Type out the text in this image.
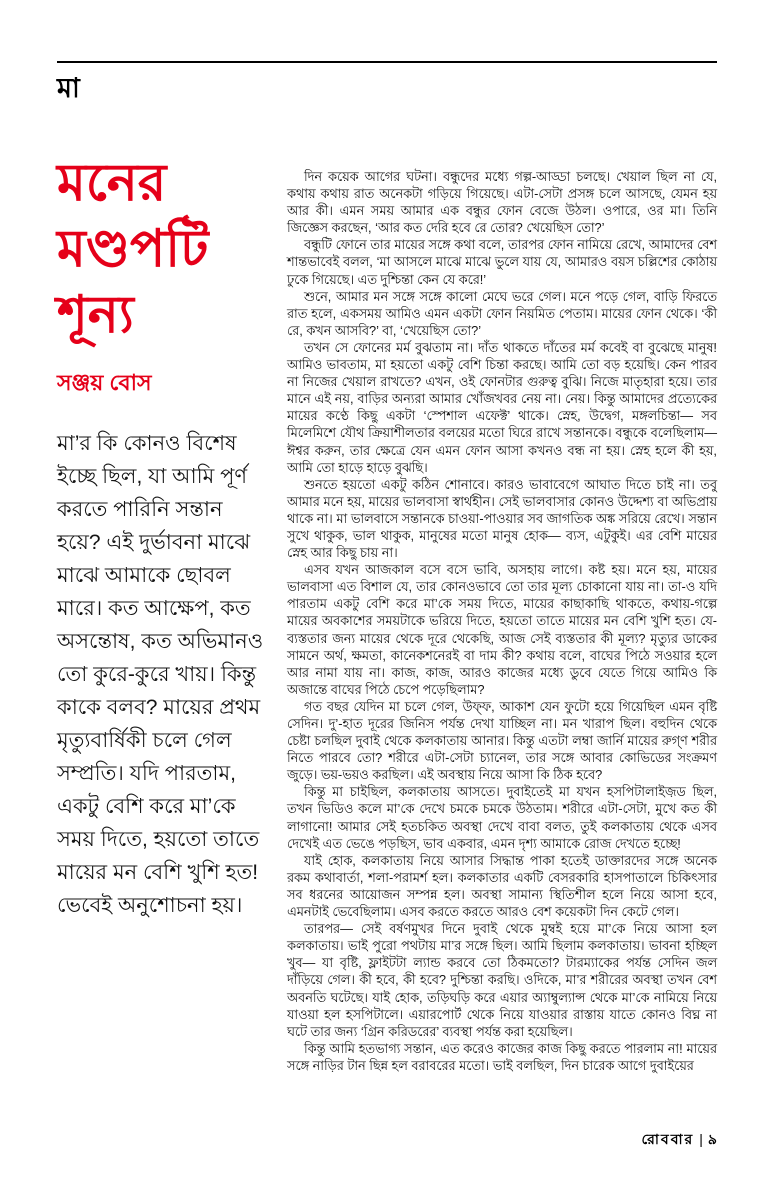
মা
মনের
মণ্ডপটি
শূন্য
সঞ্জয় বোস
মা’র কি কোনও বিশেষ ইচ্ছে ছিল, যা আমি পূর্ণ করতে পারিনি সন্তান হয়ে? এই দুর্ভাবনা মাঝে মাঝে আমাকে ছোবল মারে। কত আক্ষেপ, কত অসন্তোষ, কত অভিমানও তো কুরে-কুরে খায়। কিন্তু কাকে বলব? মায়ের প্রথম মৃত্যুবার্ষিকী চলে গেল সম্প্রতি। যদি পারতাম, একটু বেশি করে মা’কে সময় দিতে, হয়তো তাতে মায়ের মন বেশি খুশি হত! ভেবেই অনুশোচনা হয়।

দিন কয়েক আগের ঘটনা। বন্ধুদের মধ্যে গল্প-আড্ডা চলছে। খেয়াল ছিল না যে, কথায় কথায় রাত অনেকটা গড়িয়ে গিয়েছে। এটা-সেটা প্রসঙ্গ চলে আসছে, যেমন হয় আর কী। এমন সময় আমার এক বন্ধুর ফোন বেজে উঠল। ওপারে, ওর মা। তিনি জিজ্ঞেস করছেন, ‘আর কত দেরি হবে রে তোর? খেয়েছিস তো?’

বন্ধুটি ফোনে তার মায়ের সঙ্গে কথা বলে, তারপর ফোন নামিয়ে রেখে, আমাদের বেশ শান্তভাবেই বলল, ‘মা আসলে মাঝে মাঝে ভুলে যায় যে, আমারও বয়স চল্লিশের কোঠায় ঢুকে গিয়েছে। এত দুশ্চিন্তা কেন যে করে!’

শুনে, আমার মন সঙ্গে সঙ্গে কালো মেঘে ভরে গেল। মনে পড়ে গেল, বাড়ি ফিরতে রাত হলে, একসময় আমিও এমন একটা ফোন নিয়মিত পেতাম। মায়ের ফোন থেকে। ‘কী রে, কখন আসবি?’ বা, ‘খেয়েছিস তো?’

তখন সে ফোনের মর্ম বুঝতাম না। দাঁত থাকতে দাঁতের মর্ম কবেই বা বুঝেছে মানুষ! আমিও ভাবতাম, মা হয়তো একটু বেশি চিন্তা করছে। আমি তো বড় হয়েছি। কেন পারব না নিজের খেয়াল রাখতে? এখন, ওই ফোনটার গুরুত্ব বুঝি। নিজে মাতৃহারা হয়ে। তার মানে এই নয়, বাড়ির অন্যরা আমার খোঁজখবর নেয় না। নেয়। কিন্তু আমাদের প্রত্যেকের মায়ের কণ্ঠে কিছু একটা ‘স্পেশাল এফেক্ট’ থাকে। স্নেহ, উদ্বেগ, মঙ্গলচিন্তা— সব মিলেমিশে যৌথ ক্রিয়াশীলতার বলয়ের মতো ঘিরে রাখে সন্তানকে। বন্ধুকে বলেছিলাম— ঈশ্বর করুন, তার ক্ষেত্রে যেন এমন ফোন আসা কখনও বন্ধ না হয়। স্নেহ হলে কী হয়, আমি তো হাড়ে হাড়ে বুঝছি।

শুনতে হয়তো একটু কঠিন শোনাবে। কারও ভাবাবেগে আঘাত দিতে চাই না। তবু আমার মনে হয়, মায়ের ভালবাসা স্বার্থহীন। সেই ভালবাসার কোনও উদ্দেশ্য বা অভিপ্রায় থাকে না। মা ভালবাসে সন্তানকে চাওয়া-পাওয়ার সব জাগতিক অঙ্ক সরিয়ে রেখে। সন্তান সুখে থাকুক, ভাল থাকুক, মানুষের মতো মানুষ হোক— ব্যস, এটুকুই। এর বেশি মায়ের স্নেহ আর কিছু চায় না।

এসব যখন আজকাল বসে বসে ভাবি, অসহায় লাগে। কষ্ট হয়। মনে হয়, মায়ের ভালবাসা এত বিশাল যে, তার কোনওভাবে তো তার মূল্য চোকানো যায় না। তা-ও যদি পারতাম একটু বেশি করে মা’কে সময় দিতে, মায়ের কাছাকাছি থাকতে, কথায়-গল্পে মায়ের অবকাশের সময়টাকে ভরিয়ে দিতে, হয়তো তাতে মায়ের মন বেশি খুশি হত। যে-ব্যস্ততার জন্য মায়ের থেকে দূরে থেকেছি, আজ সেই ব্যস্ততার কী মূল্য? মৃত্যুর ডাকের সামনে অর্থ, ক্ষমতা, কানেকশনেরই বা দাম কী? কথায় বলে, বাঘের পিঠে সওয়ার হলে আর নামা যায় না। কাজ, কাজ, আরও কাজের মধ্যে ডুবে যেতে গিয়ে আমিও কি অজান্তে বাঘের পিঠে চেপে পড়েছিলাম?

গত বছর যেদিন মা চলে গেল, উফ্ফ, আকাশ যেন ফুটো হয়ে গিয়েছিল এমন বৃষ্টি সেদিন। দু’-হাত দূরের জিনিস পর্যন্ত দেখা যাচ্ছিল না। মন খারাপ ছিল। বহুদিন থেকে চেষ্টা চলছিল দুবাই থেকে কলকাতায় আনার। কিন্তু এতটা লম্বা জার্নি মায়ের রুগ্ণ শরীর নিতে পারবে তো? শরীরে এটা-সেটা চ্যানেল, তার সঙ্গে আবার কোভিডের সংক্রমণ জুড়ে। ভয়-ভয়ও করছিল। এই অবস্থায় নিয়ে আসা কি ঠিক হবে?

কিন্তু মা চাইছিল, কলকাতায় আসতে। দুবাইতেই মা যখন হসপিটালাইজ়ড ছিল, তখন ভিডিও কলে মা’কে দেখে চমকে চমকে উঠতাম। শরীরে এটা-সেটা, মুখে কত কী লাগানো! আমার সেই হতচকিত অবস্থা দেখে বাবা বলত, তুই কলকাতায় থেকে এসব দেখেই এত ভেঙে পড়ছিস, ভাব একবার, এমন দৃশ্য আমাকে রোজ দেখতে হচ্ছে!

যাই হোক, কলকাতায় নিয়ে আসার সিদ্ধান্ত পাকা হতেই ডাক্তারদের সঙ্গে অনেক রকম কথাবার্তা, শলা-পরামর্শ হল। কলকাতার একটি বেসরকারি হাসপাতালে চিকিৎসার সব ধরনের আয়োজন সম্পন্ন হল। অবস্থা সামান্য স্থিতিশীল হলে নিয়ে আসা হবে, এমনটাই ভেবেছিলাম। এসব করতে করতে আরও বেশ কয়েকটা দিন কেটে গেল।

তারপর— সেই বর্ষণমুখর দিনে দুবাই থেকে মুম্বই হয়ে মা’কে নিয়ে আসা হল কলকাতায়। ভাই পুরো পথটায় মা’র সঙ্গে ছিল। আমি ছিলাম কলকাতায়। ভাবনা হচ্ছিল খুব— যা বৃষ্টি, ফ্লাইটটা ল্যান্ড করবে তো ঠিকমতো? টারম্যাকের পর্যন্ত সেদিন জল দাঁড়িয়ে গেল। কী হবে, কী হবে? দুশ্চিন্তা করছি। ওদিকে, মা’র শরীরের অবস্থা তখন বেশ অবনতি ঘটেছে। যাই হোক, তড়িঘড়ি করে এয়ার অ্যাম্বুল্যান্স থেকে মা’কে নামিয়ে নিয়ে যাওয়া হল হসপিটালে। এয়ারপোর্ট থেকে নিয়ে যাওয়ার রাস্তায় যাতে কোনও বিঘ্ন না ঘটে তার জন্য ‘গ্রিন করিডরের’ ব্যবস্থা পর্যন্ত করা হয়েছিল।

কিন্তু আমি হতভাগ্য সন্তান, এত করেও কাজের কাজ কিছু করতে পারলাম না! মায়ের সঙ্গে নাড়ির টান ছিন্ন হল বরাবরের মতো। ভাই বলছিল, দিন চারেক আগে দুবাইয়ের

রোববার | ৯
